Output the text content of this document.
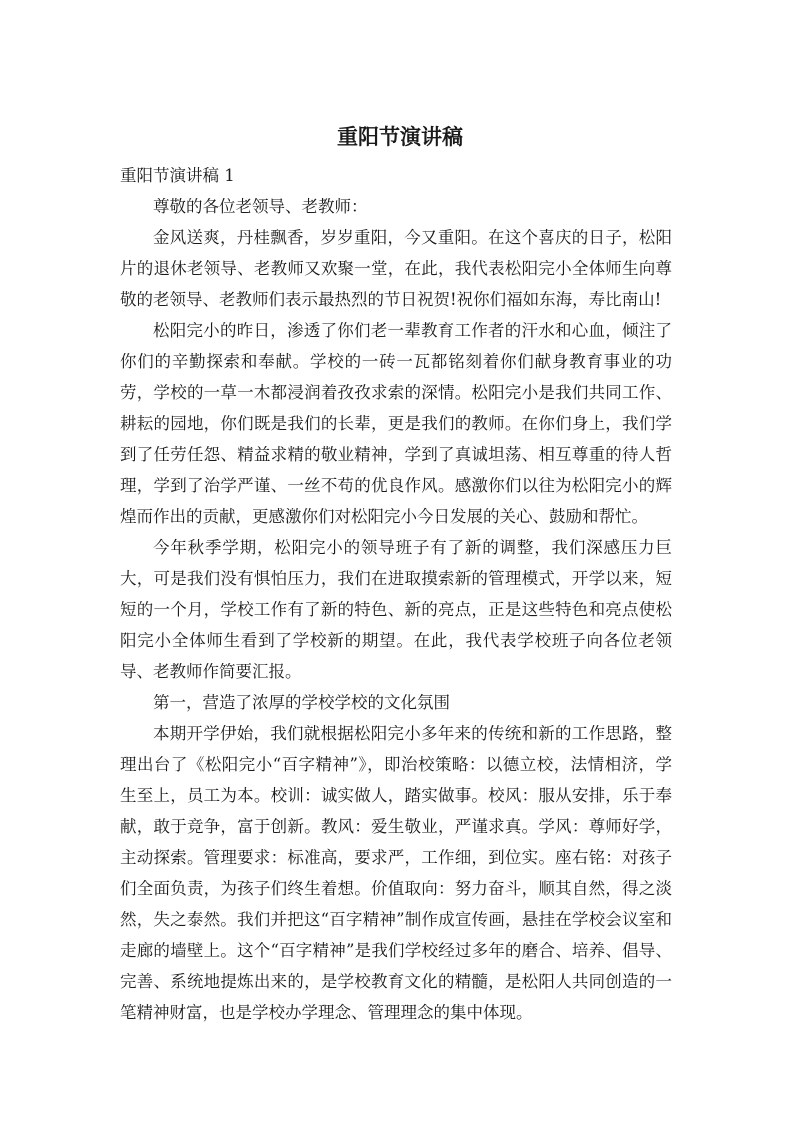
重阳节演讲稿

重阳节演讲稿 1

尊敬的各位老领导、老教师：

金风送爽，丹桂飘香，岁岁重阳，今又重阳。在这个喜庆的日子，松阳片的退休老领导、老教师又欢聚一堂，在此，我代表松阳完小全体师生向尊敬的老领导、老教师们表示最热烈的节日祝贺!祝你们福如东海，寿比南山!

松阳完小的昨日，渗透了你们老一辈教育工作者的汗水和心血，倾注了你们的辛勤探索和奉献。学校的一砖一瓦都铭刻着你们献身教育事业的功劳，学校的一草一木都浸润着孜孜求索的深情。松阳完小是我们共同工作、耕耘的园地，你们既是我们的长辈，更是我们的教师。在你们身上，我们学到了任劳任怨、精益求精的敬业精神，学到了真诚坦荡、相互尊重的待人哲理，学到了治学严谨、一丝不苟的优良作风。感激你们以往为松阳完小的辉煌而作出的贡献，更感激你们对松阳完小今日发展的关心、鼓励和帮忙。

今年秋季学期，松阳完小的领导班子有了新的调整，我们深感压力巨大，可是我们没有惧怕压力，我们在进取摸索新的管理模式，开学以来，短短的一个月，学校工作有了新的特色、新的亮点，正是这些特色和亮点使松阳完小全体师生看到了学校新的期望。在此，我代表学校班子向各位老领导、老教师作简要汇报。

第一，营造了浓厚的学校学校的文化氛围

本期开学伊始，我们就根据松阳完小多年来的传统和新的工作思路，整理出台了《松阳完小“百字精神”》，即治校策略：以德立校，法情相济，学生至上，员工为本。校训：诚实做人，踏实做事。校风：服从安排，乐于奉献，敢于竞争，富于创新。教风：爱生敬业，严谨求真。学风：尊师好学，主动探索。管理要求：标准高，要求严，工作细，到位实。座右铭：对孩子们全面负责，为孩子们终生着想。价值取向：努力奋斗，顺其自然，得之淡然，失之泰然。我们并把这“百字精神”制作成宣传画，悬挂在学校会议室和走廊的墙壁上。这个“百字精神”是我们学校经过多年的磨合、培养、倡导、完善、系统地提炼出来的，是学校教育文化的精髓，是松阳人共同创造的一笔精神财富，也是学校办学理念、管理理念的集中体现。
